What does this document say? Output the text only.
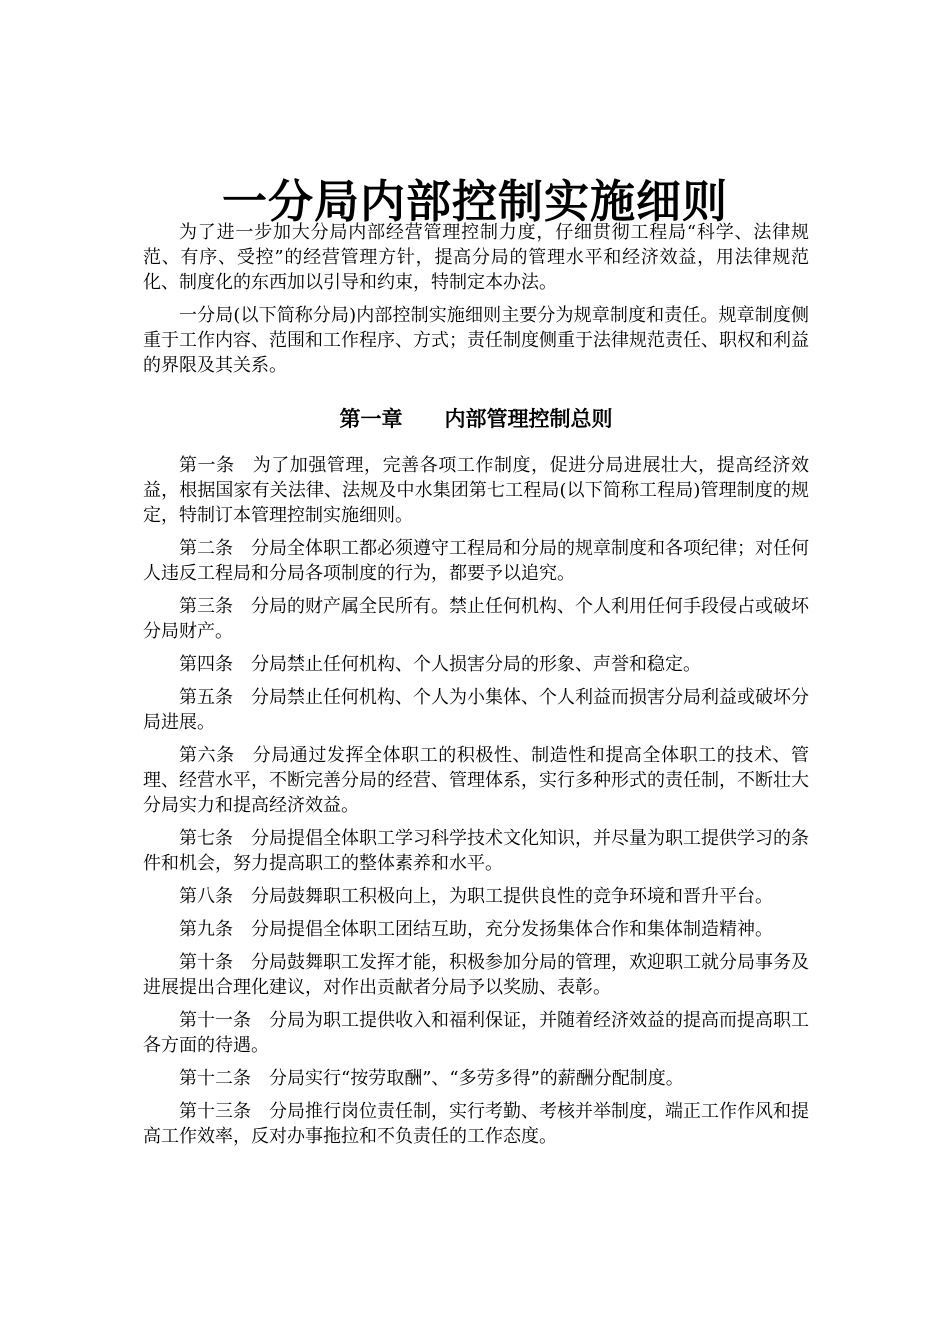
一分局内部控制实施细则

为了进一步加大分局内部经营管理控制力度，仔细贯彻工程局“科学、法律规范、有序、受控”的经营管理方针，提高分局的管理水平和经济效益，用法律规范化、制度化的东西加以引导和约束，特制定本办法。

一分局(以下简称分局)内部控制实施细则主要分为规章制度和责任。规章制度侧重于工作内容、范围和工作程序、方式；责任制度侧重于法律规范责任、职权和利益的界限及其关系。

第一章 内部管理控制总则

第一条 为了加强管理，完善各项工作制度，促进分局进展壮大，提高经济效益，根据国家有关法律、法规及中水集团第七工程局(以下简称工程局)管理制度的规定，特制订本管理控制实施细则。

第二条 分局全体职工都必须遵守工程局和分局的规章制度和各项纪律；对任何人违反工程局和分局各项制度的行为，都要予以追究。

第三条 分局的财产属全民所有。禁止任何机构、个人利用任何手段侵占或破坏分局财产。

第四条 分局禁止任何机构、个人损害分局的形象、声誉和稳定。

第五条 分局禁止任何机构、个人为小集体、个人利益而损害分局利益或破坏分局进展。

第六条 分局通过发挥全体职工的积极性、制造性和提高全体职工的技术、管理、经营水平，不断完善分局的经营、管理体系，实行多种形式的责任制，不断壮大分局实力和提高经济效益。

第七条 分局提倡全体职工学习科学技术文化知识，并尽量为职工提供学习的条件和机会，努力提高职工的整体素养和水平。

第八条 分局鼓舞职工积极向上，为职工提供良性的竞争环境和晋升平台。

第九条 分局提倡全体职工团结互助，充分发扬集体合作和集体制造精神。

第十条 分局鼓舞职工发挥才能，积极参加分局的管理，欢迎职工就分局事务及进展提出合理化建议，对作出贡献者分局予以奖励、表彰。

第十一条 分局为职工提供收入和福利保证，并随着经济效益的提高而提高职工各方面的待遇。

第十二条 分局实行“按劳取酬”、“多劳多得”的薪酬分配制度。

第十三条 分局推行岗位责任制，实行考勤、考核并举制度，端正工作作风和提高工作效率，反对办事拖拉和不负责任的工作态度。
